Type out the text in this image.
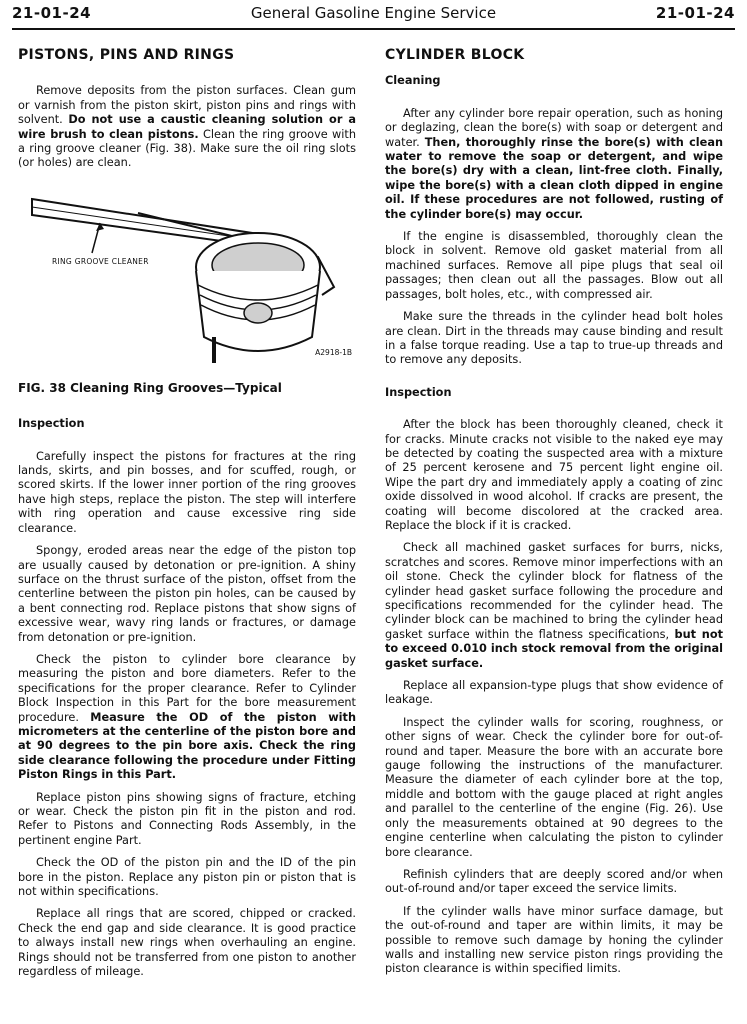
21-01-24	General Gasoline Engine Service	21-01-24
PISTONS, PINS AND RINGS

Remove deposits from the piston surfaces. Clean gum or varnish from the piston skirt, piston pins and rings with solvent. Do not use a caustic cleaning solution or a wire brush to clean pistons. Clean the ring groove with a ring groove cleaner (Fig. 38). Make sure the oil ring slots (or holes) are clean.

RING GROOVE CLEANER
A2918-1B
FIG. 38 Cleaning Ring Grooves—Typical
Inspection

Carefully inspect the pistons for fractures at the ring lands, skirts, and pin bosses, and for scuffed, rough, or scored skirts. If the lower inner portion of the ring grooves have high steps, replace the piston. The step will interfere with ring operation and cause excessive ring side clearance.

Spongy, eroded areas near the edge of the piston top are usually caused by detonation or pre-ignition. A shiny surface on the thrust surface of the piston, offset from the centerline between the piston pin holes, can be caused by a bent connecting rod. Replace pistons that show signs of excessive wear, wavy ring lands or fractures, or damage from detonation or pre-ignition.

Check the piston to cylinder bore clearance by measuring the piston and bore diameters. Refer to the specifications for the proper clearance. Refer to Cylinder Block Inspection in this Part for the bore measurement procedure. Measure the OD of the piston with micrometers at the centerline of the piston bore and at 90 degrees to the pin bore axis. Check the ring side clearance following the procedure under Fitting Piston Rings in this Part.

Replace piston pins showing signs of fracture, etching or wear. Check the piston pin fit in the piston and rod. Refer to Pistons and Connecting Rods Assembly, in the pertinent engine Part.

Check the OD of the piston pin and the ID of the pin bore in the piston. Replace any piston pin or piston that is not within specifications.

Replace all rings that are scored, chipped or cracked. Check the end gap and side clearance. It is good practice to always install new rings when overhauling an engine. Rings should not be transferred from one piston to another regardless of mileage.

CYLINDER BLOCK
Cleaning

After any cylinder bore repair operation, such as honing or deglazing, clean the bore(s) with soap or detergent and water. Then, thoroughly rinse the bore(s) with clean water to remove the soap or detergent, and wipe the bore(s) dry with a clean, lint-free cloth. Finally, wipe the bore(s) with a clean cloth dipped in engine oil. If these procedures are not followed, rusting of the cylinder bore(s) may occur.

If the engine is disassembled, thoroughly clean the block in solvent. Remove old gasket material from all machined surfaces. Remove all pipe plugs that seal oil passages; then clean out all the passages. Blow out all passages, bolt holes, etc., with compressed air.

Make sure the threads in the cylinder head bolt holes are clean. Dirt in the threads may cause binding and result in a false torque reading. Use a tap to true-up threads and to remove any deposits.

Inspection

After the block has been thoroughly cleaned, check it for cracks. Minute cracks not visible to the naked eye may be detected by coating the suspected area with a mixture of 25 percent kerosene and 75 percent light engine oil. Wipe the part dry and immediately apply a coating of zinc oxide dissolved in wood alcohol. If cracks are present, the coating will become discolored at the cracked area. Replace the block if it is cracked.

Check all machined gasket surfaces for burrs, nicks, scratches and scores. Remove minor imperfections with an oil stone. Check the cylinder block for flatness of the cylinder head gasket surface following the procedure and specifications recommended for the cylinder head. The cylinder block can be machined to bring the cylinder head gasket surface within the flatness specifications, but not to exceed 0.010 inch stock removal from the original gasket surface.

Replace all expansion-type plugs that show evidence of leakage.

Inspect the cylinder walls for scoring, roughness, or other signs of wear. Check the cylinder bore for out-of-round and taper. Measure the bore with an accurate bore gauge following the instructions of the manufacturer. Measure the diameter of each cylinder bore at the top, middle and bottom with the gauge placed at right angles and parallel to the centerline of the engine (Fig. 26). Use only the measurements obtained at 90 degrees to the engine centerline when calculating the piston to cylinder bore clearance.

Refinish cylinders that are deeply scored and/or when out-of-round and/or taper exceed the service limits.

If the cylinder walls have minor surface damage, but the out-of-round and taper are within limits, it may be possible to remove such damage by honing the cylinder walls and installing new service piston rings providing the piston clearance is within specified limits.
